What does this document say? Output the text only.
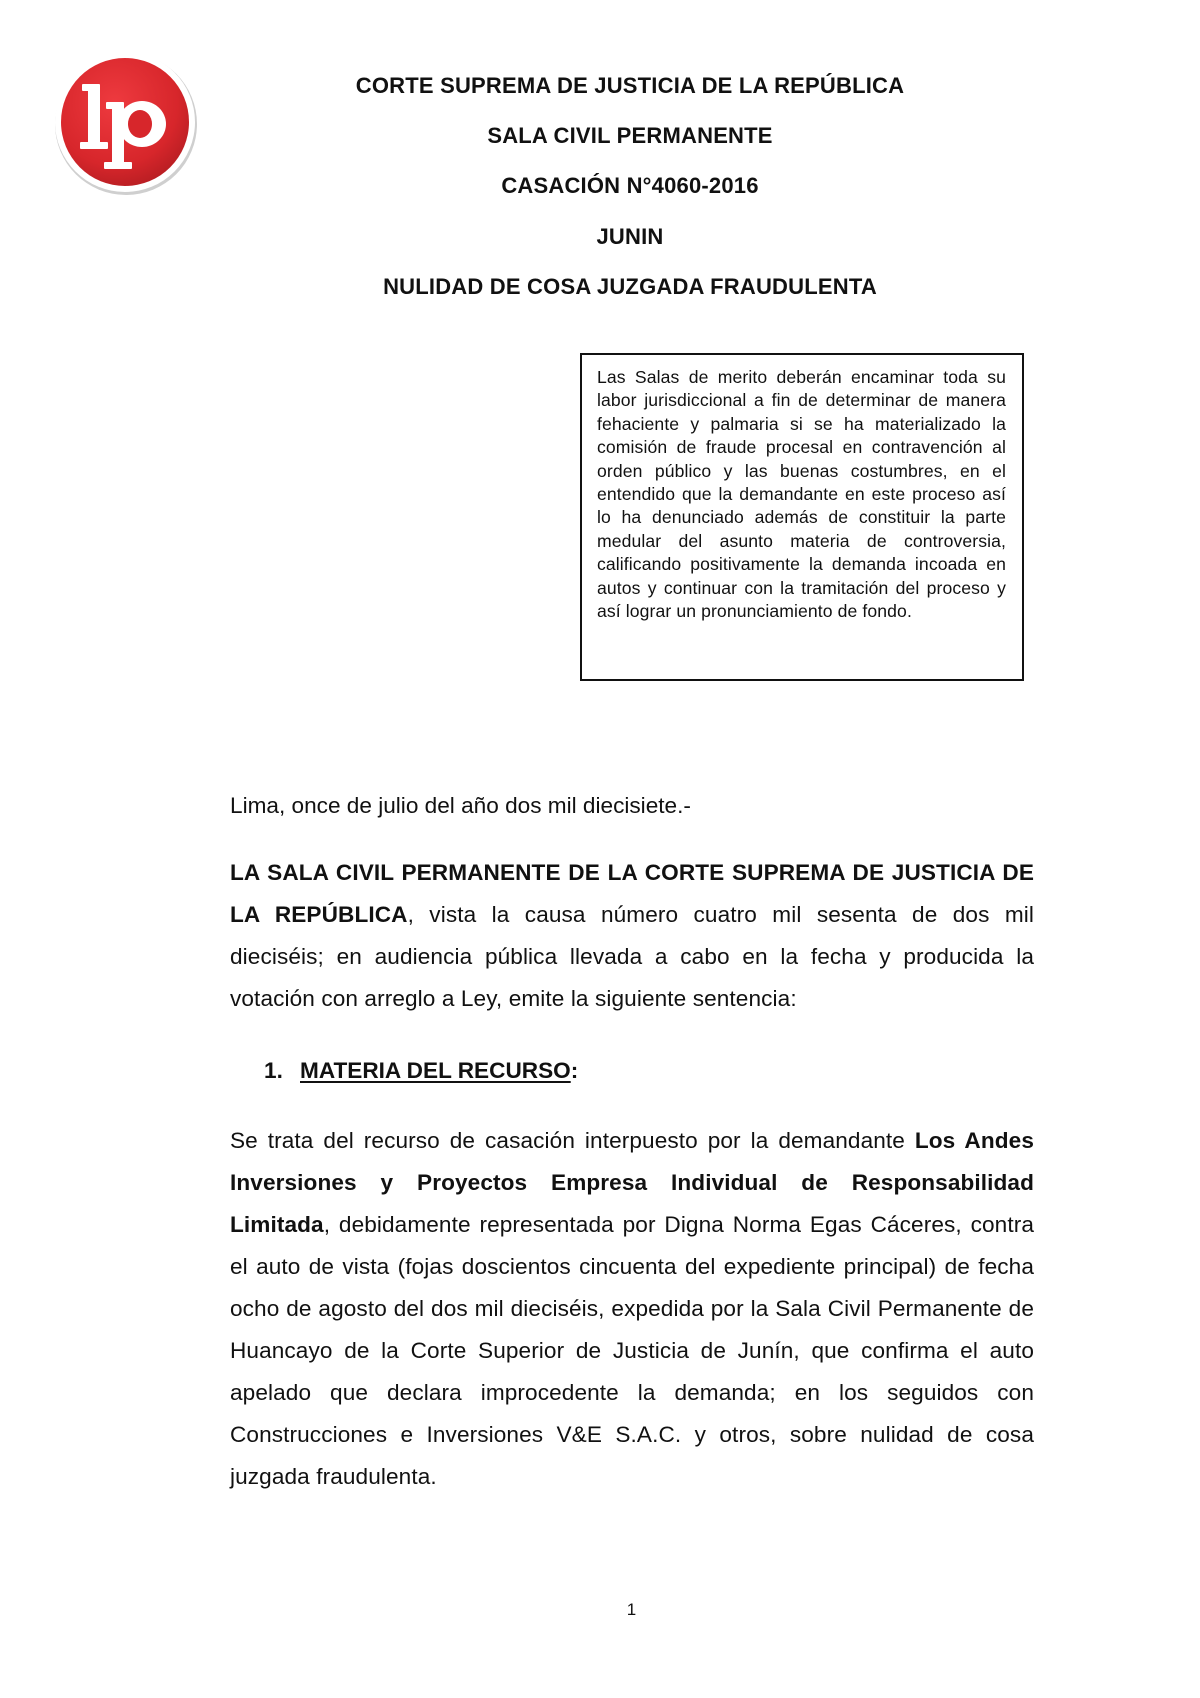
CORTE SUPREMA DE JUSTICIA DE LA REPÚBLICA
SALA CIVIL PERMANENTE
CASACIÓN N°4060-2016
JUNIN
NULIDAD DE COSA JUZGADA FRAUDULENTA
Las Salas de merito deberán encaminar toda su labor jurisdiccional a fin de determinar de manera fehaciente y palmaria si se ha materializado la comisión de fraude procesal en contravención al orden público y las buenas costumbres, en el entendido que la demandante en este proceso así lo ha denunciado además de constituir la parte medular del asunto materia de controversia, calificando positivamente la demanda incoada en autos y continuar con la tramitación del proceso y así lograr un pronunciamiento de fondo.
Lima, once de julio del año dos mil diecisiete.-
LA SALA CIVIL PERMANENTE DE LA CORTE SUPREMA DE JUSTICIA DE LA REPÚBLICA, vista la causa número cuatro mil sesenta de dos mil dieciséis; en audiencia pública llevada a cabo en la fecha y producida la votación con arreglo a Ley, emite la siguiente sentencia:
1. MATERIA DEL RECURSO:
Se trata del recurso de casación interpuesto por la demandante Los Andes Inversiones y Proyectos Empresa Individual de Responsabilidad Limitada, debidamente representada por Digna Norma Egas Cáceres, contra el auto de vista (fojas doscientos cincuenta del expediente principal) de fecha ocho de agosto del dos mil dieciséis, expedida por la Sala Civil Permanente de Huancayo de la Corte Superior de Justicia de Junín, que confirma el auto apelado que declara improcedente la demanda; en los seguidos con Construcciones e Inversiones V&E S.A.C. y otros, sobre nulidad de cosa juzgada fraudulenta.
1
